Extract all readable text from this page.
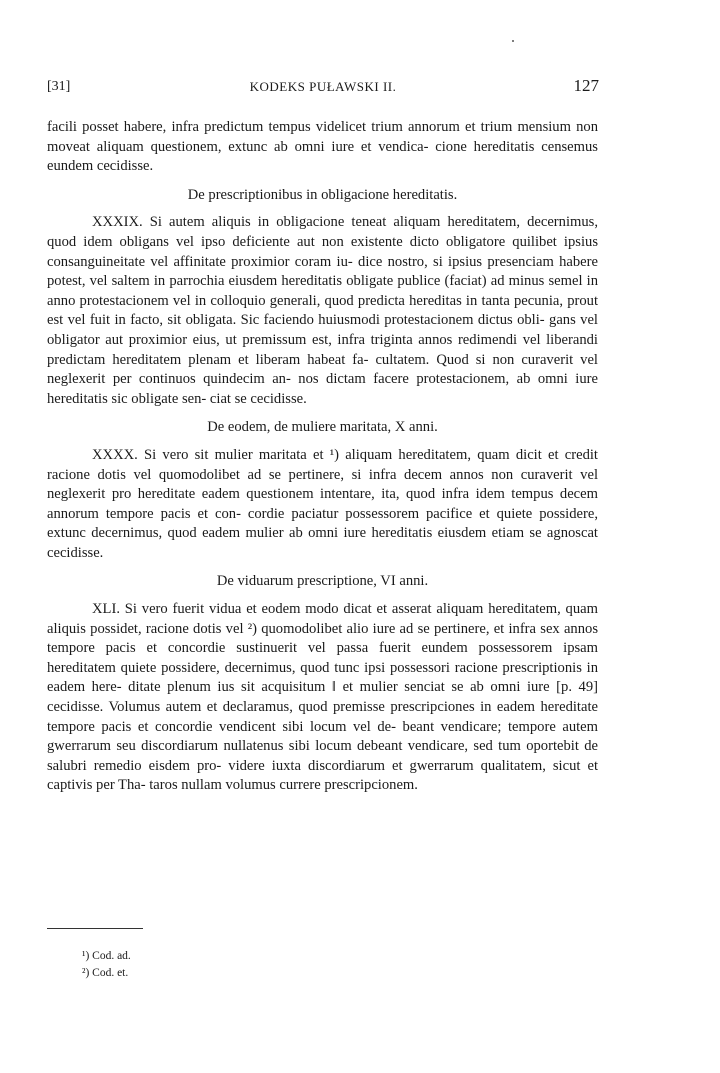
[31]	KODEKS PUŁAWSKI II.	127

facili posset habere, infra predictum tempus videlicet trium annorum et trium mensium non moveat aliquam questionem, extunc ab omni iure et vendica- cione hereditatis censemus eundem cecidisse.

De prescriptionibus in obligacione hereditatis.

XXXIX. Si autem aliquis in obligacione teneat aliquam hereditatem, decernimus, quod idem obligans vel ipso deficiente aut non existente dicto obligatore quilibet ipsius consanguineitate vel affinitate proximior coram iu- dice nostro, si ipsius presenciam habere potest, vel saltem in parrochia eiusdem hereditatis obligate publice (faciat) ad minus semel in anno protestacionem vel in colloquio generali, quod predicta hereditas in tanta pecunia, prout est vel fuit in facto, sit obligata. Sic faciendo huiusmodi protestacionem dictus obli- gans vel obligator aut proximior eius, ut premissum est, infra triginta annos redimendi vel liberandi predictam hereditatem plenam et liberam habeat fa- cultatem. Quod si non curaverit vel neglexerit per continuos quindecim an- nos dictam facere protestacionem, ab omni iure hereditatis sic obligate sen- ciat se cecidisse.

De eodem, de muliere maritata, X anni.

XXXX. Si vero sit mulier maritata et ¹) aliquam hereditatem, quam dicit et credit racione dotis vel quomodolibet ad se pertinere, si infra decem annos non curaverit vel neglexerit pro hereditate eadem questionem intentare, ita, quod infra idem tempus decem annorum tempore pacis et con- cordie paciatur possessorem pacifice et quiete possidere, extunc decernimus, quod eadem mulier ab omni iure hereditatis eiusdem etiam se agnoscat cecidisse.

De viduarum prescriptione, VI anni.

XLI. Si vero fuerit vidua et eodem modo dicat et asserat aliquam hereditatem, quam aliquis possidet, racione dotis vel ²) quomodolibet alio iure ad se pertinere, et infra sex annos tempore pacis et concordie sustinuerit vel passa fuerit eundem possessorem ipsam hereditatem quiete possidere, decernimus, quod tunc ipsi possessori racione prescriptionis in eadem here- ditate plenum ius sit acquisitum ‖ et mulier senciat se ab omni iure [p. 49] cecidisse. Volumus autem et declaramus, quod premisse prescripciones in eadem hereditate tempore pacis et concordie vendicent sibi locum vel de- beant vendicare; tempore autem gwerrarum seu discordiarum nullatenus sibi locum debeant vendicare, sed tum oportebit de salubri remedio eisdem pro- videre iuxta discordiarum et gwerrarum qualitatem, sicut et captivis per Tha- taros nullam volumus currere prescripcionem.

¹) Cod. ad.
²) Cod. et.
